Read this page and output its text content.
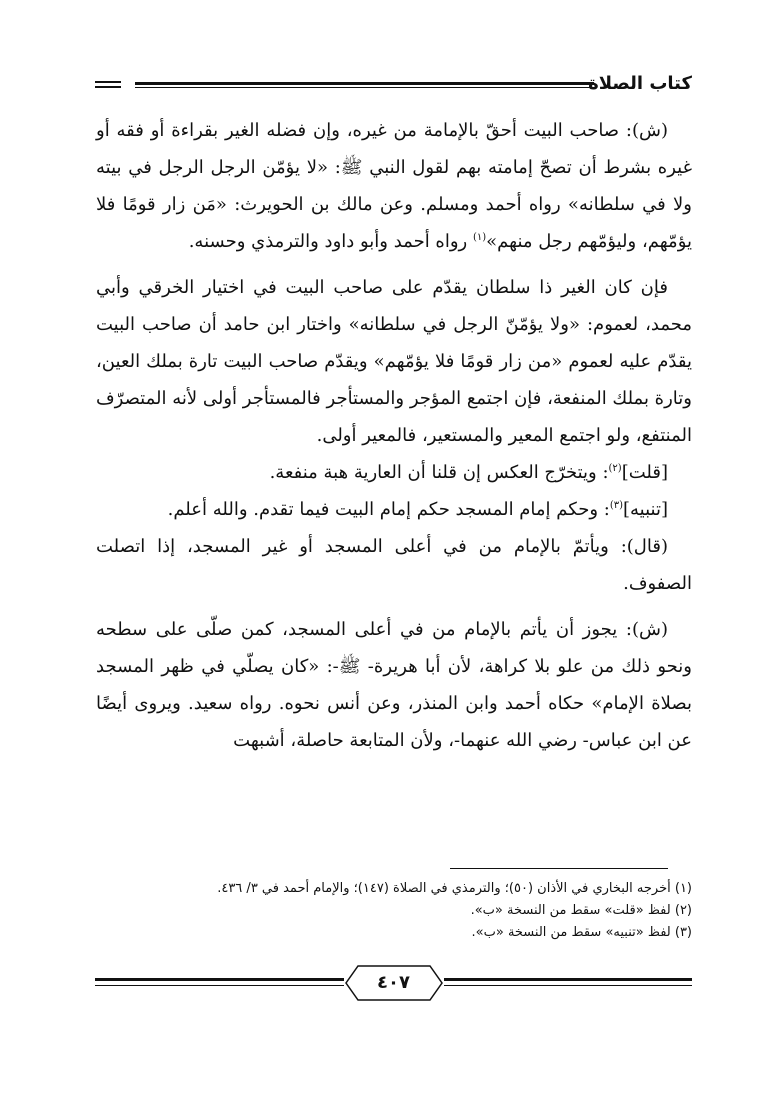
كتاب الصلاة

(ش): صاحب البيت أحقّ بالإمامة من غيره، وإن فضله الغير بقراءة أو فقه أو غيره بشرط أن تصحّ إمامته بهم لقول النبي ﷺ: «لا يؤمّن الرجل الرجل في بيته ولا في سلطانه» رواه أحمد ومسلم. وعن مالك بن الحويرث: «مَن زار قومًا فلا يؤمّهم، وليؤمّهم رجل منهم»$^{(١)}$ رواه أحمد وأبو داود والترمذي وحسنه.

فإن كان الغير ذا سلطان يقدّم على صاحب البيت في اختيار الخرقي وأبي محمد، لعموم: «ولا يؤمّنّ الرجل في سلطانه» واختار ابن حامد أن صاحب البيت يقدّم عليه لعموم «من زار قومًا فلا يؤمّهم» ويقدّم صاحب البيت تارة بملك العين، وتارة بملك المنفعة، فإن اجتمع المؤجر والمستأجر فالمستأجر أولى لأنه المتصرّف المنتفع، ولو اجتمع المعير والمستعير، فالمعير أولى.

[قلت]$^{(٢)}$: ويتخرّج العكس إن قلنا أن العارية هبة منفعة.

[تنبيه]$^{(٣)}$: وحكم إمام المسجد حكم إمام البيت فيما تقدم. والله أعلم.

(قال): ويأتمّ بالإمام من في أعلى المسجد أو غير المسجد، إذا اتصلت الصفوف.

(ش): يجوز أن يأتم بالإمام من في أعلى المسجد، كمن صلّى على سطحه ونحو ذلك من علو بلا كراهة، لأن أبا هريرة- ﷺ-: «كان يصلّي في ظهر المسجد بصلاة الإمام» حكاه أحمد وابن المنذر، وعن أنس نحوه. رواه سعيد. ويروى أيضًا عن ابن عباس- رضي الله عنهما-، ولأن المتابعة حاصلة، أشبهت

(١) أخرجه البخاري في الأذان (٥٠)؛ والترمذي في الصلاة (١٤٧)؛ والإمام أحمد في ٣/ ٤٣٦.

(٢) لفظ «قلت» سقط من النسخة «ب».

(٣) لفظ «تنبيه» سقط من النسخة «ب».

٤٠٧
